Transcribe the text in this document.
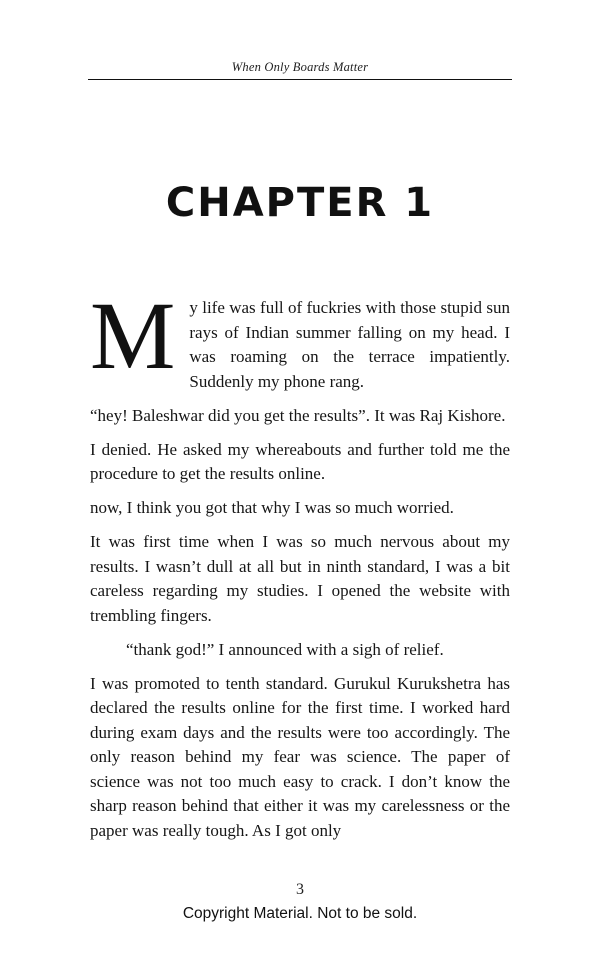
When Only Boards Matter
CHAPTER 1

My life was full of fuckries with those stupid sun rays of Indian summer falling on my head. I was roaming on the terrace impatiently. Suddenly my phone rang.

“hey! Baleshwar did you get the results”. It was Raj Kishore.

I denied. He asked my whereabouts and further told me the procedure to get the results online.

now, I think you got that why I was so much worried.

It was first time when I was so much nervous about my results. I wasn’t dull at all but in ninth standard, I was a bit careless regarding my studies. I opened the website with trembling fingers.

“thank god!” I announced with a sigh of relief.

I was promoted to tenth standard. Gurukul Kurukshetra has declared the results online for the first time. I worked hard during exam days and the results were too accordingly. The only reason behind my fear was science. The paper of science was not too much easy to crack. I don’t know the sharp reason behind that either it was my carelessness or the paper was really tough. As I got only

3
Copyright Material. Not to be sold.
